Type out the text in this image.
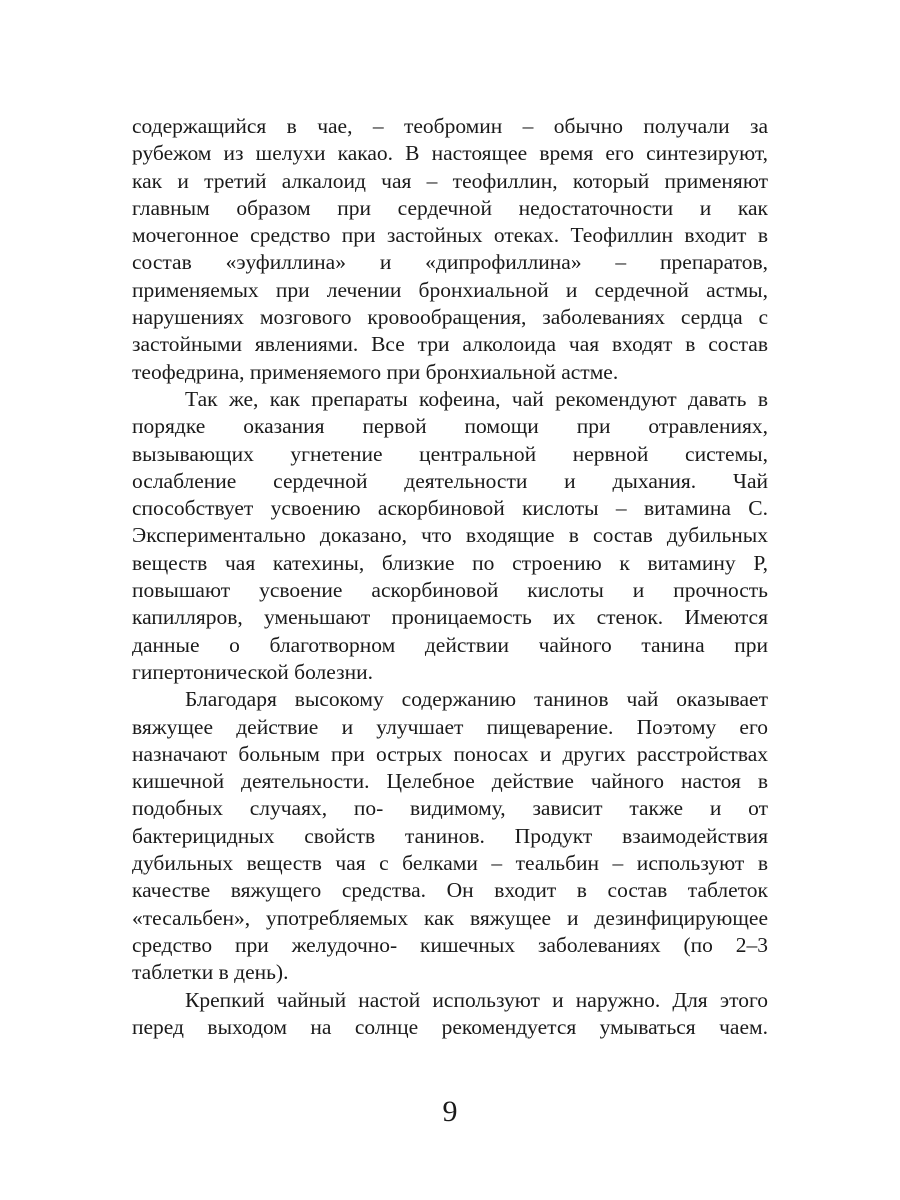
содержащийся в чае, – теобромин – обычно получали за
рубежом из шелухи какао. В настоящее время его синтезируют,
как и третий алкалоид чая – теофиллин, который применяют
главным образом при сердечной недостаточности и как
мочегонное средство при застойных отеках. Теофиллин входит в
состав «эуфиллина» и «дипрофиллина» – препаратов,
применяемых при лечении бронхиальной и сердечной астмы,
нарушениях мозгового кровообращения, заболеваниях сердца с
застойными явлениями. Все три алколоида чая входят в состав
теофедрина, применяемого при бронхиальной астме.
Так же, как препараты кофеина, чай рекомендуют давать в
порядке оказания первой помощи при отравлениях,
вызывающих угнетение центральной нервной системы,
ослабление сердечной деятельности и дыхания. Чай
способствует усвоению аскорбиновой кислоты – витамина С.
Экспериментально доказано, что входящие в состав дубильных
веществ чая катехины, близкие по строению к витамину Р,
повышают усвоение аскорбиновой кислоты и прочность
капилляров, уменьшают проницаемость их стенок. Имеются
данные о благотворном действии чайного танина при
гипертонической болезни.
Благодаря высокому содержанию танинов чай оказывает
вяжущее действие и улучшает пищеварение. Поэтому его
назначают больным при острых поносах и других расстройствах
кишечной деятельности. Целебное действие чайного настоя в
подобных случаях, по- видимому, зависит также и от
бактерицидных свойств танинов. Продукт взаимодействия
дубильных веществ чая с белками – теальбин – используют в
качестве вяжущего средства. Он входит в состав таблеток
«тесальбен», употребляемых как вяжущее и дезинфицирующее
средство при желудочно- кишечных заболеваниях (по 2–3
таблетки в день).
Крепкий чайный настой используют и наружно. Для этого
перед выходом на солнце рекомендуется умываться чаем.
9
